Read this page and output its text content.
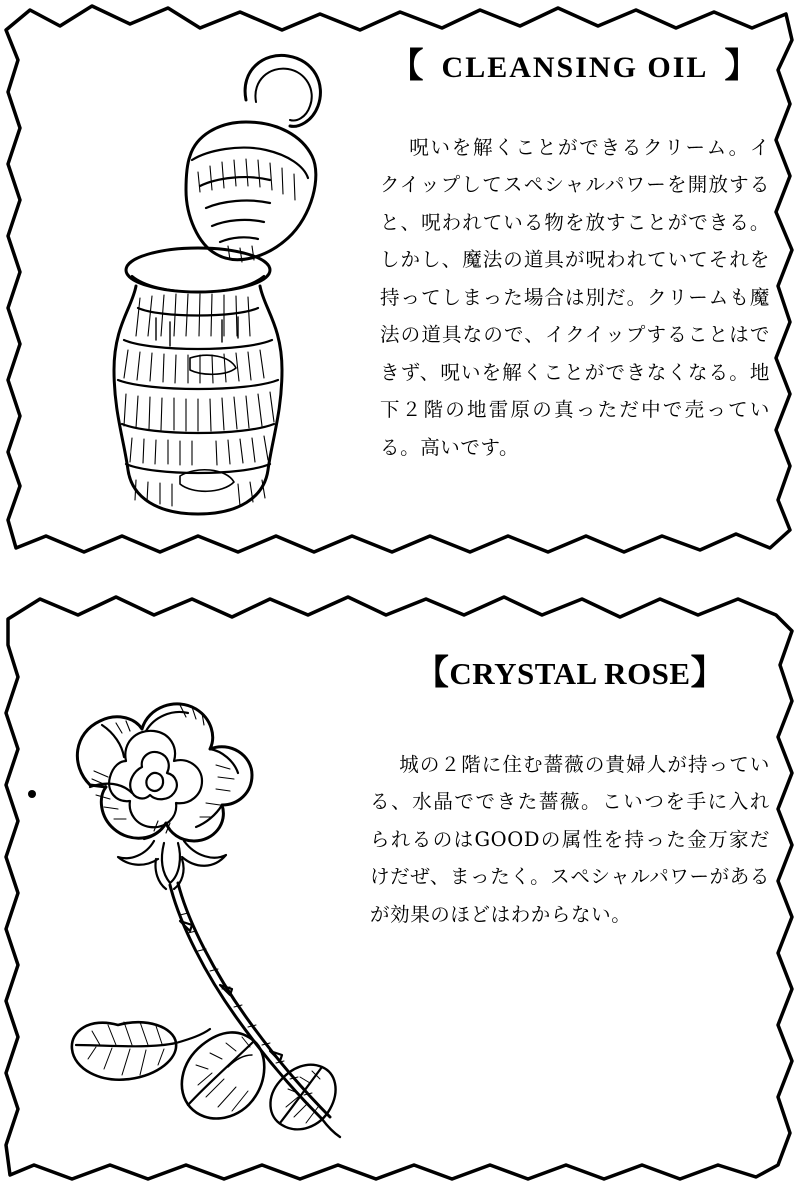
【 CLEANSING OIL 】

呪いを解くことができるクリーム。イクイップしてスペシャルパワーを開放すると、呪われている物を放すことができる。しかし、魔法の道具が呪われていてそれを持ってしまった場合は別だ。クリームも魔法の道具なので、イクイップすることはできず、呪いを解くことができなくなる。地下２階の地雷原の真っただ中で売っている。高いです。

【CRYSTAL ROSE】

城の２階に住む薔薇の貴婦人が持っている、水晶でできた薔薇。こいつを手に入れられるのはGOODの属性を持った金万家だけだぜ、まったく。スペシャルパワーがあるが効果のほどはわからない。
